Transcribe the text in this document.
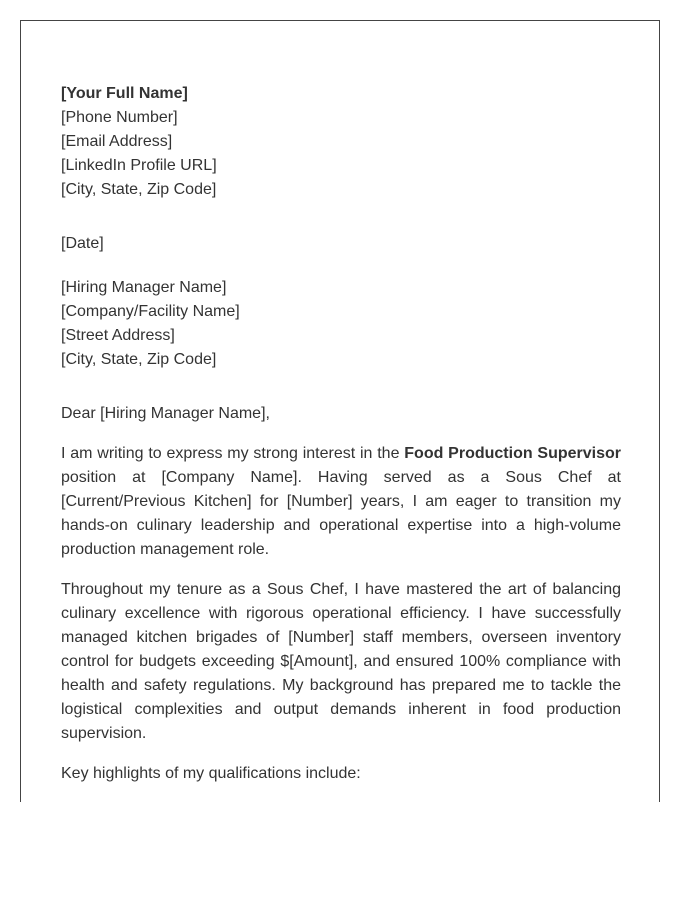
[Your Full Name]
[Phone Number]
[Email Address]
[LinkedIn Profile URL]
[City, State, Zip Code]
[Date]
[Hiring Manager Name]
[Company/Facility Name]
[Street Address]
[City, State, Zip Code]
Dear [Hiring Manager Name],

I am writing to express my strong interest in the Food Production Supervisor position at [Company Name]. Having served as a Sous Chef at [Current/Previous Kitchen] for [Number] years, I am eager to transition my hands-on culinary leadership and operational expertise into a high-volume production management role.

Throughout my tenure as a Sous Chef, I have mastered the art of balancing culinary excellence with rigorous operational efficiency. I have successfully managed kitchen brigades of [Number] staff members, overseen inventory control for budgets exceeding $[Amount], and ensured 100% compliance with health and safety regulations. My background has prepared me to tackle the logistical complexities and output demands inherent in food production supervision.

Key highlights of my qualifications include:
